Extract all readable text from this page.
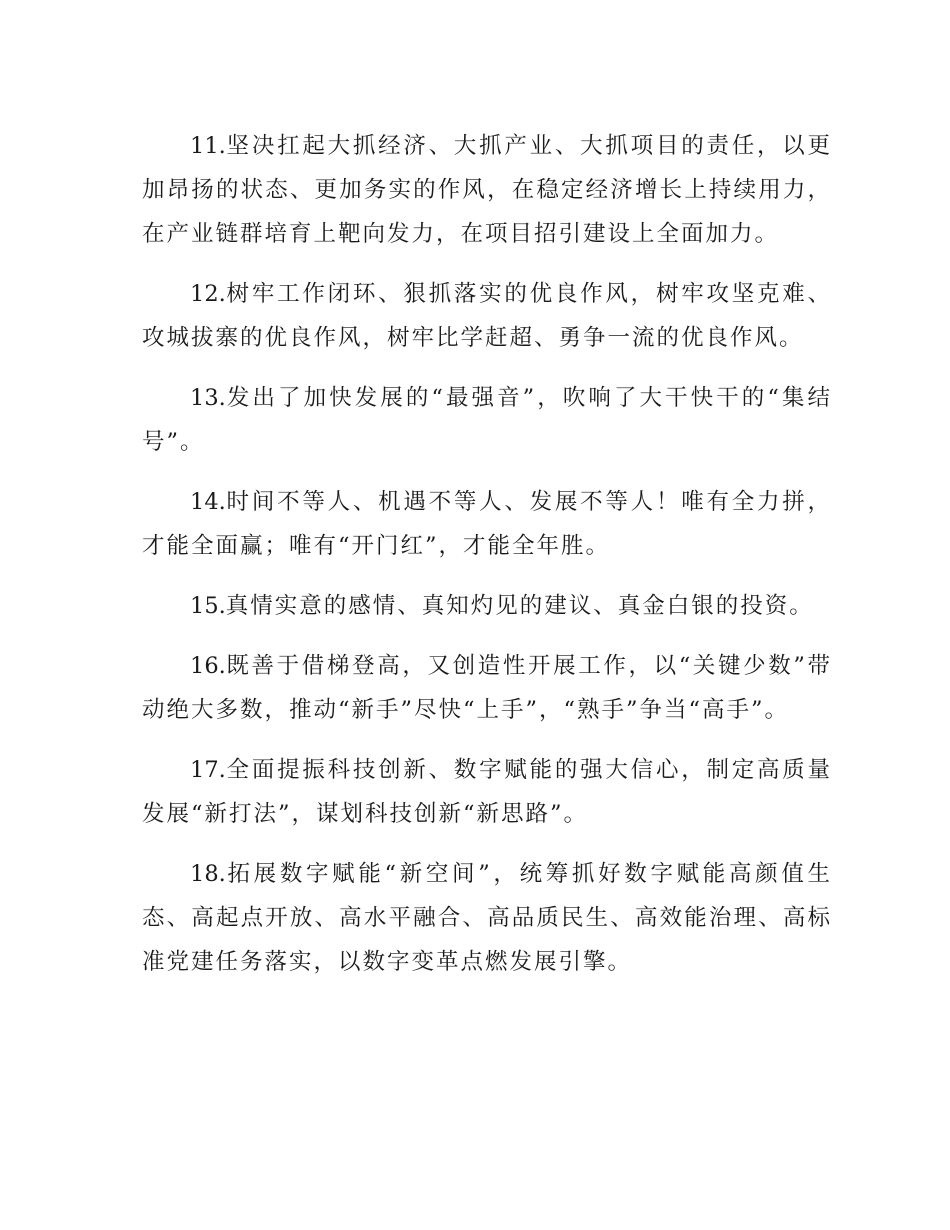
11.坚决扛起大抓经济、大抓产业、大抓项目的责任，以更加昂扬的状态、更加务实的作风，在稳定经济增长上持续用力，在产业链群培育上靶向发力，在项目招引建设上全面加力。

12.树牢工作闭环、狠抓落实的优良作风，树牢攻坚克难、攻城拔寨的优良作风，树牢比学赶超、勇争一流的优良作风。

13.发出了加快发展的“最强音”，吹响了大干快干的“集结号”。

14.时间不等人、机遇不等人、发展不等人！唯有全力拼，才能全面赢；唯有“开门红”，才能全年胜。

15.真情实意的感情、真知灼见的建议、真金白银的投资。

16.既善于借梯登高，又创造性开展工作，以“关键少数”带动绝大多数，推动“新手”尽快“上手”，“熟手”争当“高手”。

17.全面提振科技创新、数字赋能的强大信心，制定高质量发展“新打法”，谋划科技创新“新思路”。

18.拓展数字赋能“新空间”，统筹抓好数字赋能高颜值生态、高起点开放、高水平融合、高品质民生、高效能治理、高标准党建任务落实，以数字变革点燃发展引擎。
